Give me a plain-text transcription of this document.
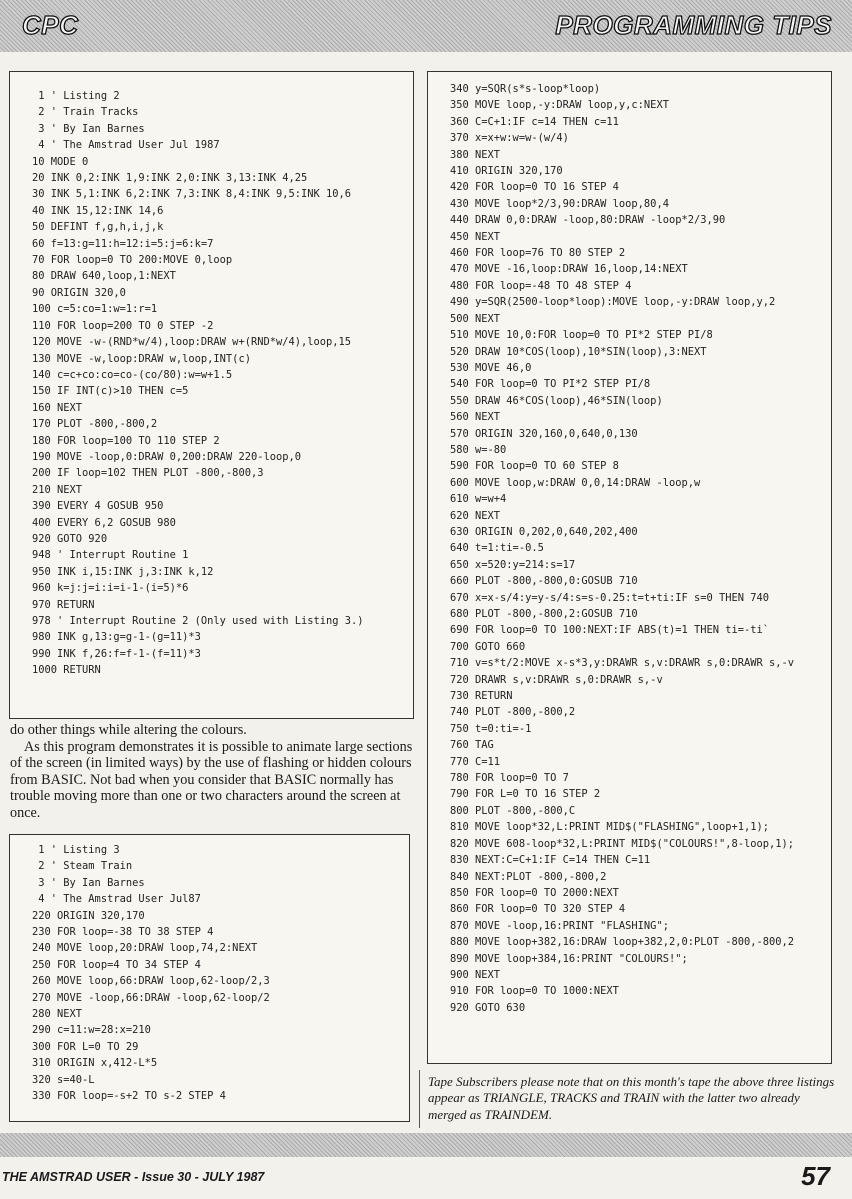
CPC	PROGRAMMING TIPS
1 ' Listing 2
2 ' Train Tracks
3 ' By Ian Barnes
4 ' The Amstrad User Jul 1987
10 MODE 0
20 INK 0,2:INK 1,9:INK 2,0:INK 3,13:INK 4,25
30 INK 5,1:INK 6,2:INK 7,3:INK 8,4:INK 9,5:INK 10,6
40 INK 15,12:INK 14,6
50 DEFINT f,g,h,i,j,k
60 f=13:g=11:h=12:i=5:j=6:k=7
70 FOR loop=0 TO 200:MOVE 0,loop
80 DRAW 640,loop,1:NEXT
90 ORIGIN 320,0
100 c=5:co=1:w=1:r=1
110 FOR loop=200 TO 0 STEP -2
120 MOVE -w-(RND*w/4),loop:DRAW w+(RND*w/4),loop,15
130 MOVE -w,loop:DRAW w,loop,INT(c)
140 c=c+co:co=co-(co/80):w=w+1.5
150 IF INT(c)>10 THEN c=5
160 NEXT
170 PLOT -800,-800,2
180 FOR loop=100 TO 110 STEP 2
190 MOVE -loop,0:DRAW 0,200:DRAW 220-loop,0
200 IF loop=102 THEN PLOT -800,-800,3
210 NEXT
390 EVERY 4 GOSUB 950
400 EVERY 6,2 GOSUB 980
920 GOTO 920
948 ' Interrupt Routine 1
950 INK i,15:INK j,3:INK k,12
960 k=j:j=i:i=i-1-(i=5)*6
970 RETURN
978 ' Interrupt Routine 2 (Only used with Listing 3.)
980 INK g,13:g=g-1-(g=11)*3
990 INK f,26:f=f-1-(f=11)*3
1000 RETURN

do other things while altering the colours.

As this program demonstrates it is possible to animate large sections of the screen (in limited ways) by the use of flashing or hidden colours from BASIC. Not bad when you consider that BASIC normally has trouble moving more than one or two characters around the screen at once.

1 ' Listing 3
2 ' Steam Train
3 ' By Ian Barnes
4 ' The Amstrad User Jul87
220 ORIGIN 320,170
230 FOR loop=-38 TO 38 STEP 4
240 MOVE loop,20:DRAW loop,74,2:NEXT
250 FOR loop=4 TO 34 STEP 4
260 MOVE loop,66:DRAW loop,62-loop/2,3
270 MOVE -loop,66:DRAW -loop,62-loop/2
280 NEXT
290 c=11:w=28:x=210
300 FOR L=0 TO 29
310 ORIGIN x,412-L*5
320 s=40-L
330 FOR loop=-s+2 TO s-2 STEP 4
340 y=SQR(s*s-loop*loop)
350 MOVE loop,-y:DRAW loop,y,c:NEXT
360 C=C+1:IF c=14 THEN c=11
370 x=x+w:w=w-(w/4)
380 NEXT
410 ORIGIN 320,170
420 FOR loop=0 TO 16 STEP 4
430 MOVE loop*2/3,90:DRAW loop,80,4
440 DRAW 0,0:DRAW -loop,80:DRAW -loop*2/3,90
450 NEXT
460 FOR loop=76 TO 80 STEP 2
470 MOVE -16,loop:DRAW 16,loop,14:NEXT
480 FOR loop=-48 TO 48 STEP 4
490 y=SQR(2500-loop*loop):MOVE loop,-y:DRAW loop,y,2
500 NEXT
510 MOVE 10,0:FOR loop=0 TO PI*2 STEP PI/8
520 DRAW 10*COS(loop),10*SIN(loop),3:NEXT
530 MOVE 46,0
540 FOR loop=0 TO PI*2 STEP PI/8
550 DRAW 46*COS(loop),46*SIN(loop)
560 NEXT
570 ORIGIN 320,160,0,640,0,130
580 w=-80
590 FOR loop=0 TO 60 STEP 8
600 MOVE loop,w:DRAW 0,0,14:DRAW -loop,w
610 w=w+4
620 NEXT
630 ORIGIN 0,202,0,640,202,400
640 t=1:ti=-0.5
650 x=520:y=214:s=17
660 PLOT -800,-800,0:GOSUB 710
670 x=x-s/4:y=y-s/4:s=s-0.25:t=t+ti:IF s=0 THEN 740
680 PLOT -800,-800,2:GOSUB 710
690 FOR loop=0 TO 100:NEXT:IF ABS(t)=1 THEN ti=-ti`
700 GOTO 660
710 v=s*t/2:MOVE x-s*3,y:DRAWR s,v:DRAWR s,0:DRAWR s,-v
720 DRAWR s,v:DRAWR s,0:DRAWR s,-v
730 RETURN
740 PLOT -800,-800,2
750 t=0:ti=-1
760 TAG
770 C=11
780 FOR loop=0 TO 7
790 FOR L=0 TO 16 STEP 2
800 PLOT -800,-800,C
810 MOVE loop*32,L:PRINT MID$("FLASHING",loop+1,1);
820 MOVE 608-loop*32,L:PRINT MID$("COLOURS!",8-loop,1);
830 NEXT:C=C+1:IF C=14 THEN C=11
840 NEXT:PLOT -800,-800,2
850 FOR loop=0 TO 2000:NEXT
860 FOR loop=0 TO 320 STEP 4
870 MOVE -loop,16:PRINT "FLASHING";
880 MOVE loop+382,16:DRAW loop+382,2,0:PLOT -800,-800,2
890 MOVE loop+384,16:PRINT "COLOURS!";
900 NEXT
910 FOR loop=0 TO 1000:NEXT
920 GOTO 630

Tape Subscribers please note that on this month's tape the above three listings appear as TRIANGLE, TRACKS and TRAIN with the latter two already merged as TRAINDEM.

THE AMSTRAD USER - Issue 30 - JULY 1987	57
